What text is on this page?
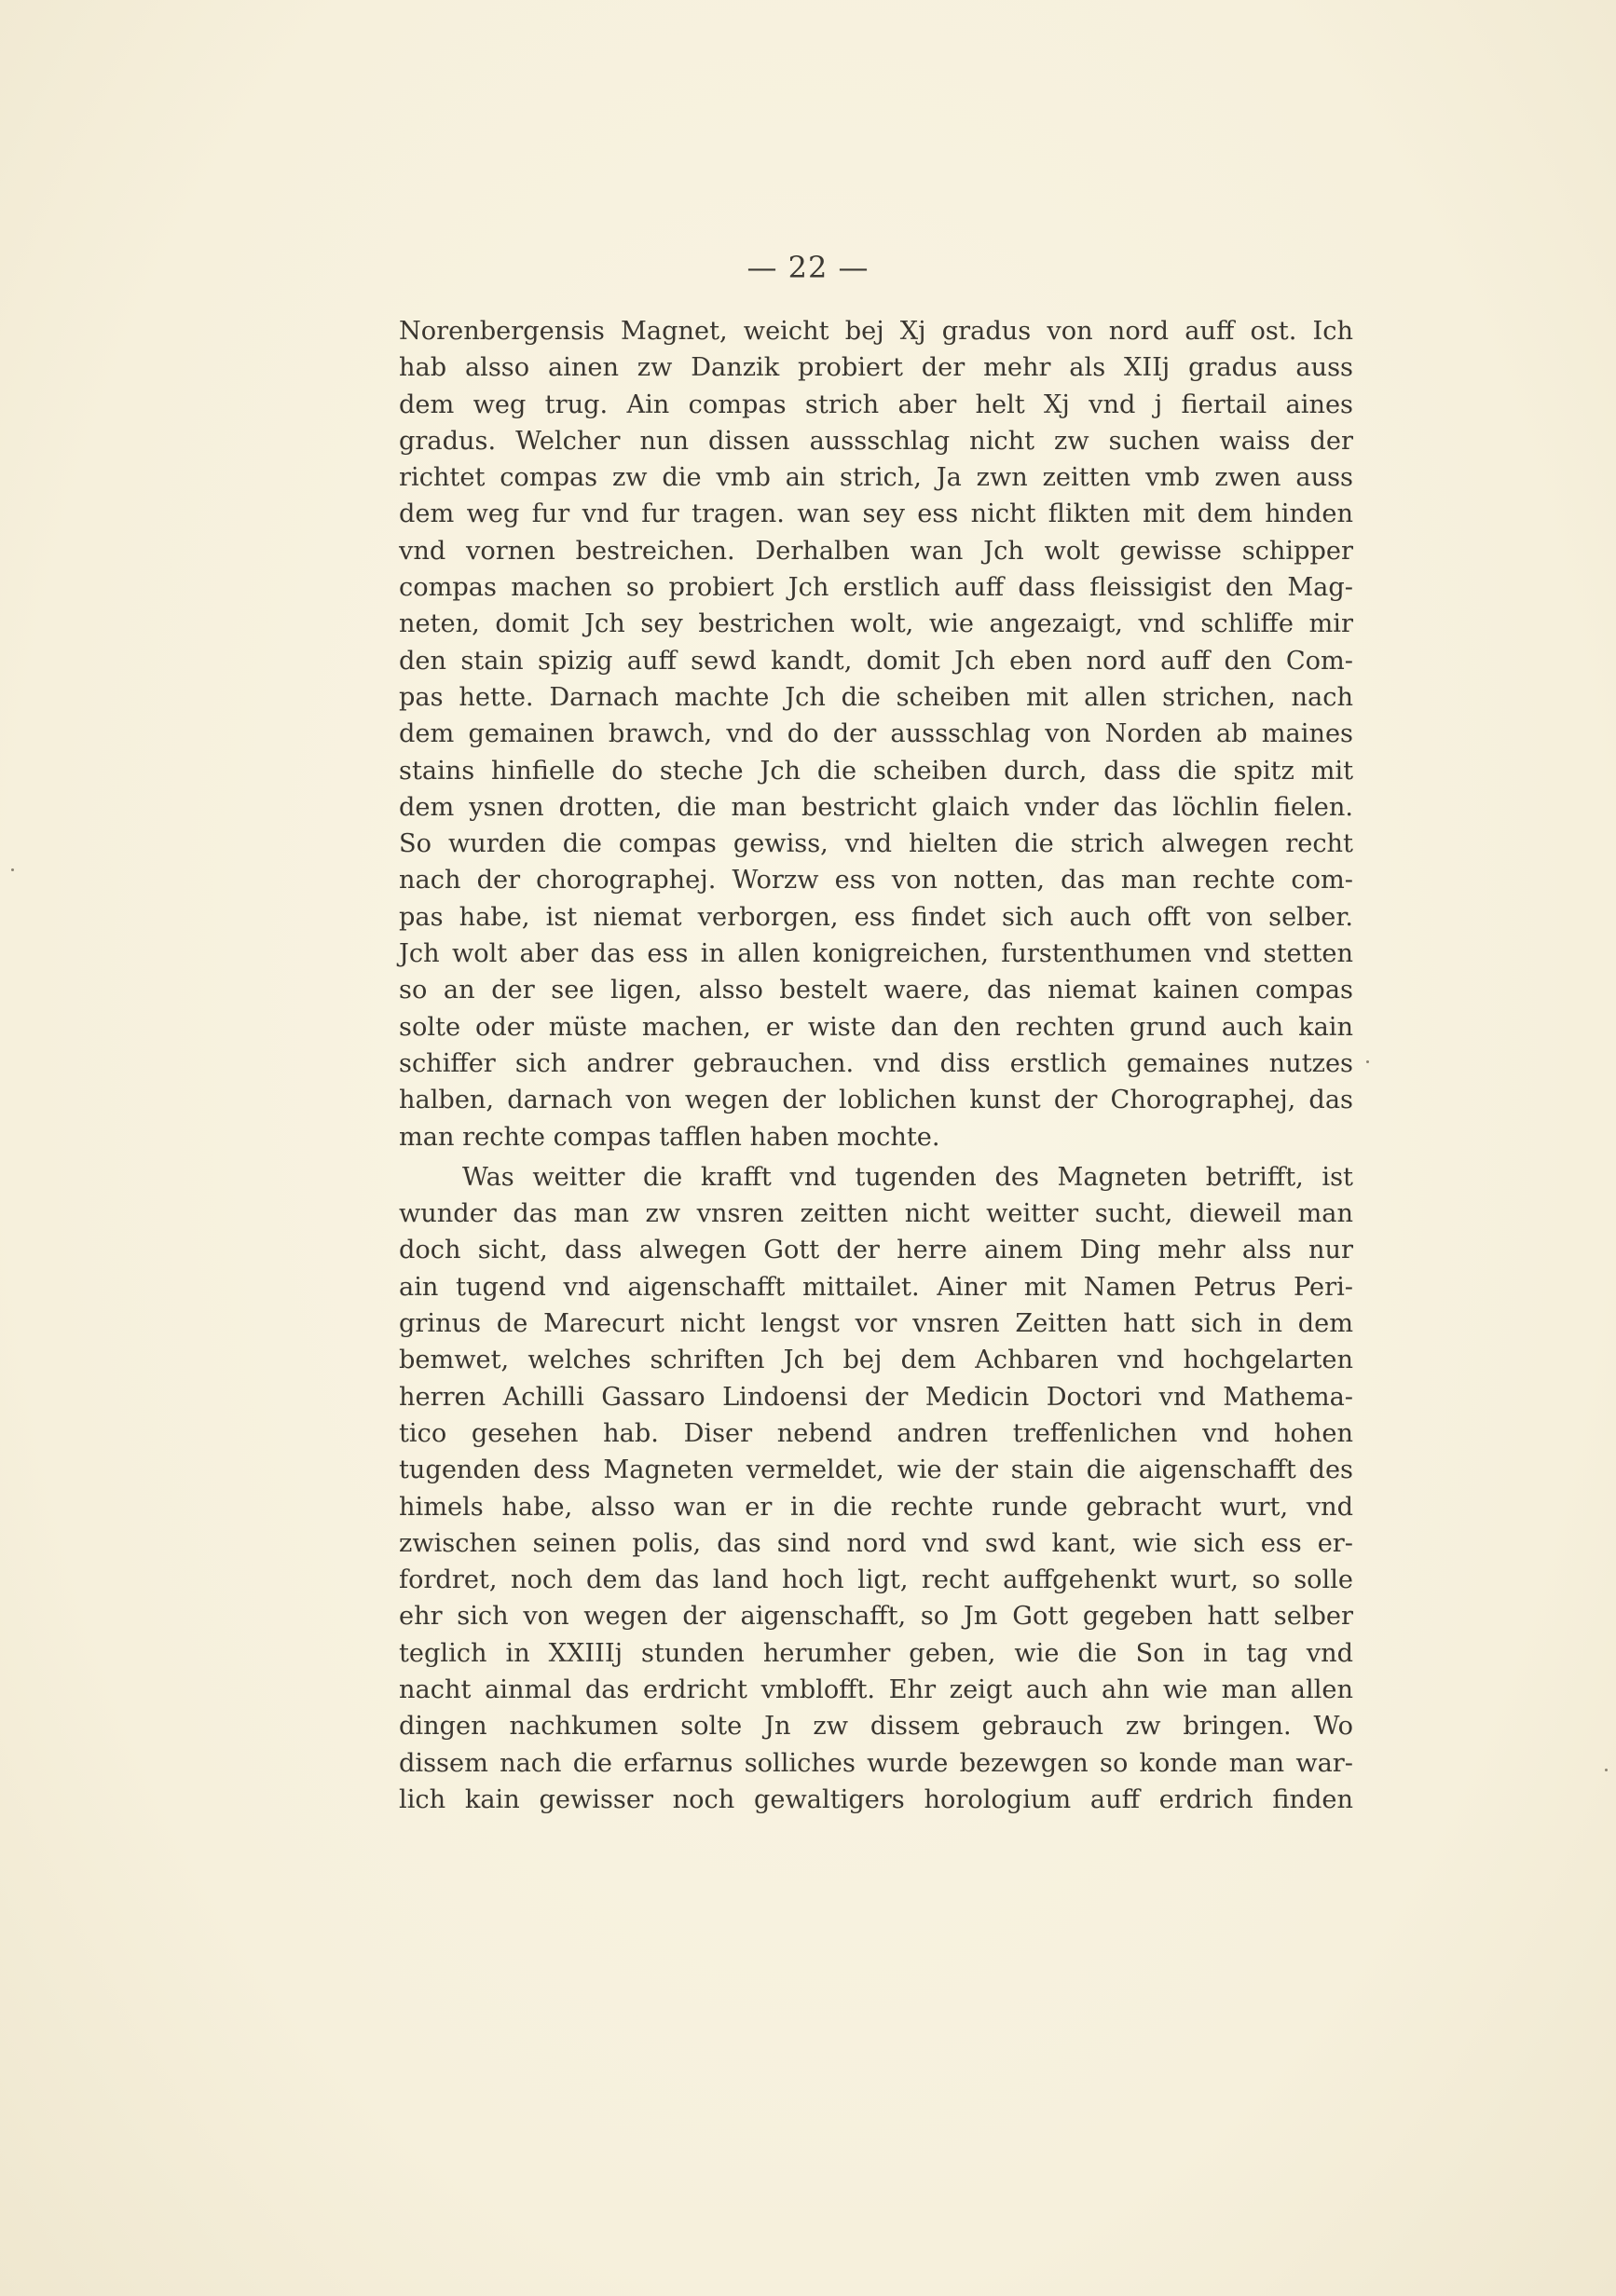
— 22 —
Norenbergensis Magnet, weicht bej Xj gradus von nord auff ost. Ich
hab alsso ainen zw Danzik probiert der mehr als XIIj gradus auss
dem weg trug. Ain compas strich aber helt Xj vnd j fiertail aines
gradus. Welcher nun dissen aussschlag nicht zw suchen waiss der
richtet compas zw die vmb ain strich, Ja zwn zeitten vmb zwen auss
dem weg fur vnd fur tragen. wan sey ess nicht flikten mit dem hinden
vnd vornen bestreichen. Derhalben wan Jch wolt gewisse schipper
compas machen so probiert Jch erstlich auff dass fleissigist den Mag-
neten, domit Jch sey bestrichen wolt, wie angezaigt, vnd schliffe mir
den stain spizig auff sewd kandt, domit Jch eben nord auff den Com-
pas hette. Darnach machte Jch die scheiben mit allen strichen, nach
dem gemainen brawch, vnd do der aussschlag von Norden ab maines
stains hinfielle do steche Jch die scheiben durch, dass die spitz mit
dem ysnen drotten, die man bestricht glaich vnder das löchlin fielen.
So wurden die compas gewiss, vnd hielten die strich alwegen recht
nach der chorographej. Worzw ess von notten, das man rechte com-
pas habe, ist niemat verborgen, ess findet sich auch offt von selber.
Jch wolt aber das ess in allen konigreichen, furstenthumen vnd stetten
so an der see ligen, alsso bestelt waere, das niemat kainen compas
solte oder müste machen, er wiste dan den rechten grund auch kain
schiffer sich andrer gebrauchen. vnd diss erstlich gemaines nutzes
halben, darnach von wegen der loblichen kunst der Chorographej, das
man rechte compas tafflen haben mochte.
Was weitter die krafft vnd tugenden des Magneten betrifft, ist
wunder das man zw vnsren zeitten nicht weitter sucht, dieweil man
doch sicht, dass alwegen Gott der herre ainem Ding mehr alss nur
ain tugend vnd aigenschafft mittailet. Ainer mit Namen Petrus Peri-
grinus de Marecurt nicht lengst vor vnsren Zeitten hatt sich in dem
bemwet, welches schriften Jch bej dem Achbaren vnd hochgelarten
herren Achilli Gassaro Lindoensi der Medicin Doctori vnd Mathema-
tico gesehen hab. Diser nebend andren treffenlichen vnd hohen
tugenden dess Magneten vermeldet, wie der stain die aigenschafft des
himels habe, alsso wan er in die rechte runde gebracht wurt, vnd
zwischen seinen polis, das sind nord vnd swd kant, wie sich ess er-
fordret, noch dem das land hoch ligt, recht auffgehenkt wurt, so solle
ehr sich von wegen der aigenschafft, so Jm Gott gegeben hatt selber
teglich in XXIIIj stunden herumher geben, wie die Son in tag vnd
nacht ainmal das erdricht vmblofft. Ehr zeigt auch ahn wie man allen
dingen nachkumen solte Jn zw dissem gebrauch zw bringen. Wo
dissem nach die erfarnus solliches wurde bezewgen so konde man war-
lich kain gewisser noch gewaltigers horologium auff erdrich finden
